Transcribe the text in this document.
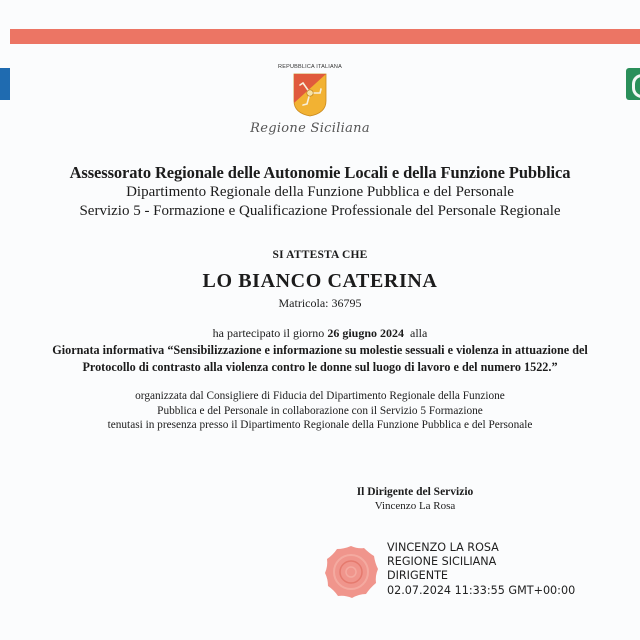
REPUBBLICA ITALIANA
Regione Siciliana
Assessorato Regionale delle Autonomie Locali e della Funzione Pubblica
Dipartimento Regionale della Funzione Pubblica e del Personale
Servizio 5 - Formazione e Qualificazione Professionale del Personale Regionale
SI ATTESTA CHE
LO BIANCO CATERINA
Matricola: 36795
ha partecipato il giorno 26 giugno 2024  alla
Giornata informativa “Sensibilizzazione e informazione su molestie sessuali e violenza in attuazione del
Protocollo di contrasto alla violenza contro le donne sul luogo di lavoro e del numero 1522.”
organizzata dal Consigliere di Fiducia del Dipartimento Regionale della Funzione
Pubblica e del Personale in collaborazione con il Servizio 5 Formazione
tenutasi in presenza presso il Dipartimento Regionale della Funzione Pubblica e del Personale
Il Dirigente del Servizio
Vincenzo La Rosa
VINCENZO LA ROSA
REGIONE SICILIANA
DIRIGENTE
02.07.2024 11:33:55 GMT+00:00
